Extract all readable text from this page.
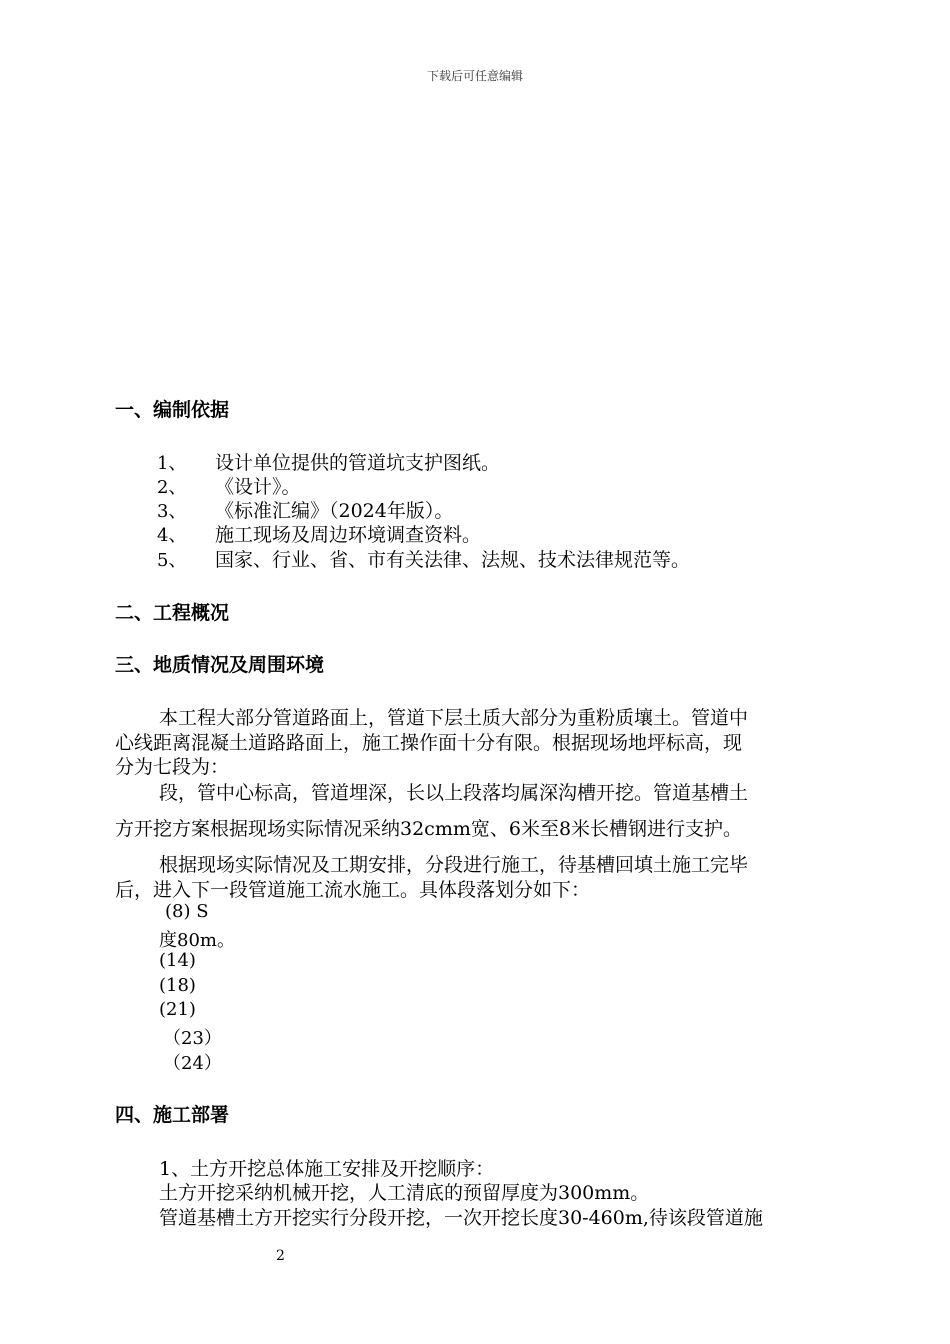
下载后可任意编辑
一、编制依据
1、 设计单位提供的管道坑支护图纸。
2、 《设计》。
3、 《标准汇编》（2024年版）。
4、 施工现场及周边环境调查资料。
5、 国家、行业、省、市有关法律、法规、技术法律规范等。
二、工程概况
三、地质情况及周围环境
本工程大部分管道路面上，管道下层土质大部分为重粉质壤土。管道中
心线距离混凝土道路路面上，施工操作面十分有限。根据现场地坪标高，现
分为七段为：
段，管中心标高，管道埋深，长以上段落均属深沟槽开挖。管道基槽土
方开挖方案根据现场实际情况采纳32cmm宽、6米至8米长槽钢进行支护。
根据现场实际情况及工期安排，分段进行施工，待基槽回填土施工完毕
后，进入下一段管道施工流水施工。具体段落划分如下：
(8) S
度80m。
(14)
(18)
(21)
（23）
（24）
四、施工部署
1、土方开挖总体施工安排及开挖顺序：
土方开挖采纳机械开挖，人工清底的预留厚度为300mm。
管道基槽土方开挖实行分段开挖，一次开挖长度30-460m,待该段管道施
2
